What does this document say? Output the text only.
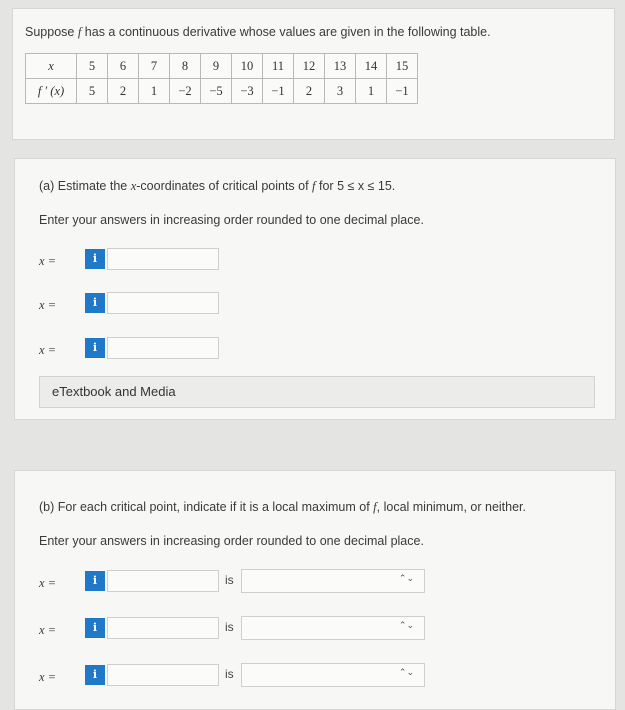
Suppose f has a continuous derivative whose values are given in the following table.
x	5	6	7	8	9	10	11	12	13	14	15
f ′ (x)	5	2	1	−2	−5	−3	−1	2	3	1	−1
(a) Estimate the x-coordinates of critical points of f for 5 ≤ x ≤ 15.
Enter your answers in increasing order rounded to one decimal place.
x =	i
x =	i
x =	i
eTextbook and Media
(b) For each critical point, indicate if it is a local maximum of f, local minimum, or neither.
Enter your answers in increasing order rounded to one decimal place.
x =	i	is	⌃⌄
x =	i	is	⌃⌄
x =	i	is	⌃⌄
